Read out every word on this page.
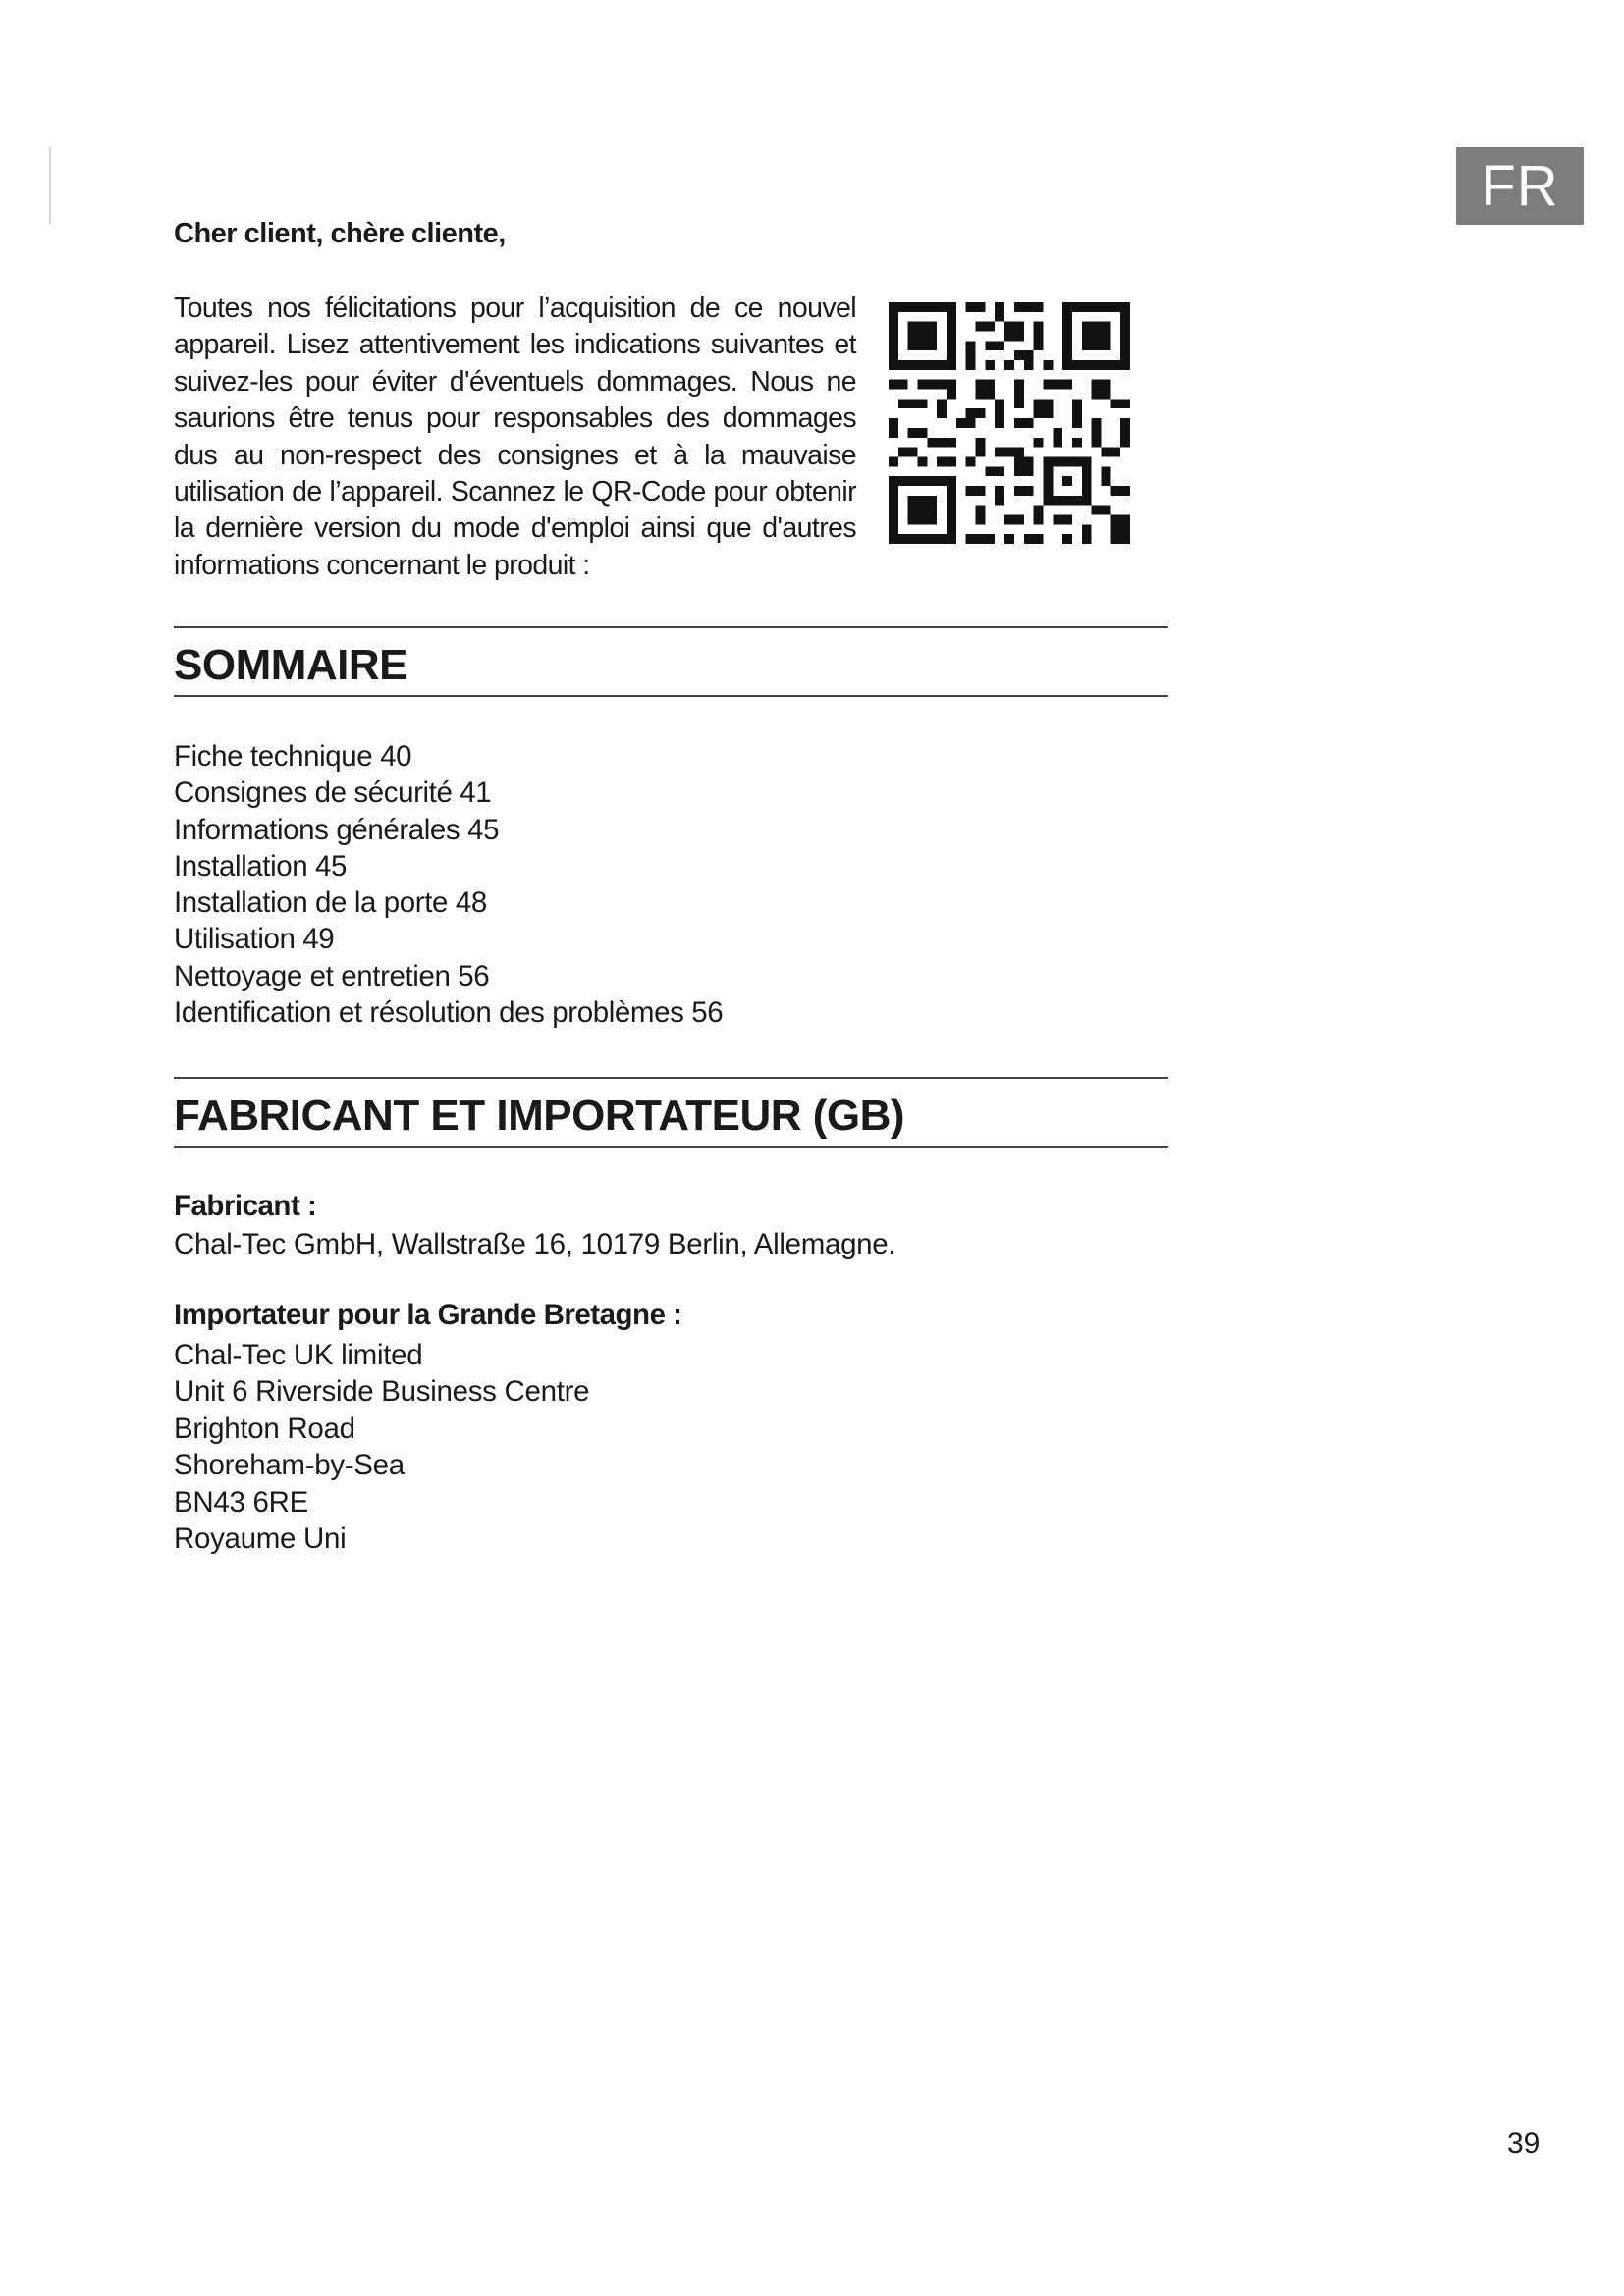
FR
Cher client, chère cliente,
Toutes nos félicitations pour l’acquisition de ce nouvel appareil. Lisez attentivement les indications suivantes et suivez-les pour éviter d'éventuels dommages. Nous ne saurions être tenus pour responsables des dommages dus au non-respect des consignes et à la mauvaise utilisation de l’appareil. Scannez le QR-Code pour obtenir la dernière version du mode d'emploi ainsi que d'autres informations concernant le produit :
SOMMAIRE
Fiche technique 40
Consignes de sécurité 41
Informations générales 45
Installation 45
Installation de la porte 48
Utilisation 49
Nettoyage et entretien 56
Identification et résolution des problèmes 56
FABRICANT ET IMPORTATEUR (GB)
Fabricant :
Chal-Tec GmbH, Wallstraße 16, 10179 Berlin, Allemagne.
Importateur pour la Grande Bretagne :
Chal-Tec UK limited
Unit 6 Riverside Business Centre
Brighton Road
Shoreham-by-Sea
BN43 6RE
Royaume Uni
39
